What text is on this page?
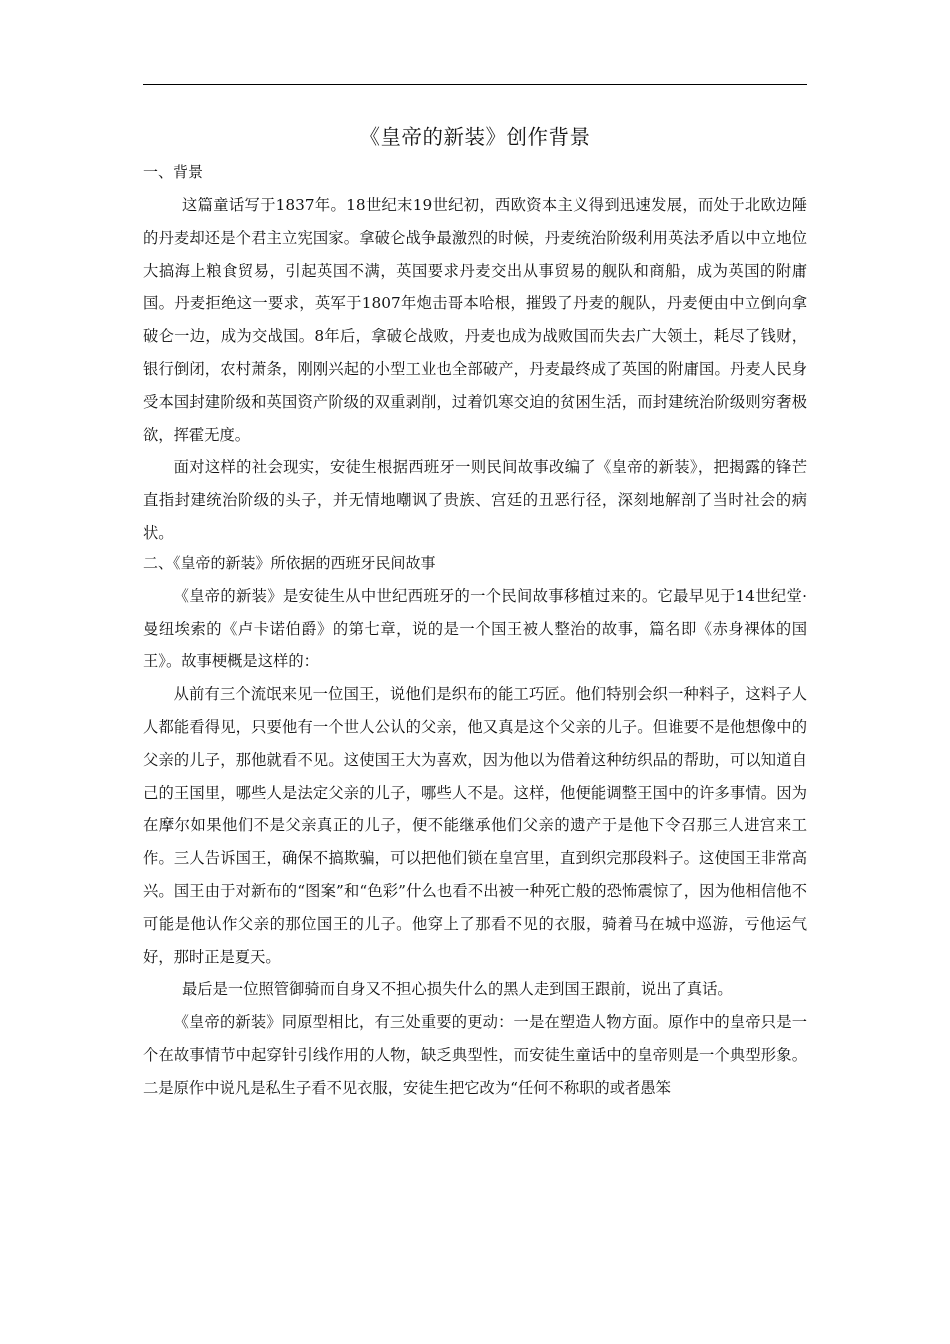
《皇帝的新装》创作背景
一、背景

这篇童话写于1837年。18世纪末19世纪初，西欧资本主义得到迅速发展，而处于北欧边陲的丹麦却还是个君主立宪国家。拿破仑战争最激烈的时候，丹麦统治阶级利用英法矛盾以中立地位大搞海上粮食贸易，引起英国不满，英国要求丹麦交出从事贸易的舰队和商船，成为英国的附庸国。丹麦拒绝这一要求，英军于1807年炮击哥本哈根，摧毁了丹麦的舰队，丹麦便由中立倒向拿破仑一边，成为交战国。8年后，拿破仑战败，丹麦也成为战败国而失去广大领土，耗尽了钱财，银行倒闭，农村萧条，刚刚兴起的小型工业也全部破产，丹麦最终成了英国的附庸国。丹麦人民身受本国封建阶级和英国资产阶级的双重剥削，过着饥寒交迫的贫困生活，而封建统治阶级则穷奢极欲，挥霍无度。

面对这样的社会现实，安徒生根据西班牙一则民间故事改编了《皇帝的新装》，把揭露的锋芒直指封建统治阶级的头子，并无情地嘲讽了贵族、宫廷的丑恶行径，深刻地解剖了当时社会的病状。

二、《皇帝的新装》所依据的西班牙民间故事

《皇帝的新装》是安徒生从中世纪西班牙的一个民间故事移植过来的。它最早见于14世纪堂·曼纽埃索的《卢卡诺伯爵》的第七章，说的是一个国王被人整治的故事，篇名即《赤身裸体的国王》。故事梗概是这样的：

从前有三个流氓来见一位国王，说他们是织布的能工巧匠。他们特别会织一种料子，这料子人人都能看得见，只要他有一个世人公认的父亲，他又真是这个父亲的儿子。但谁要不是他想像中的父亲的儿子，那他就看不见。这使国王大为喜欢，因为他以为借着这种纺织品的帮助，可以知道自己的王国里，哪些人是法定父亲的儿子，哪些人不是。这样，他便能调整王国中的许多事情。因为在摩尔如果他们不是父亲真正的儿子，便不能继承他们父亲的遗产于是他下令召那三人进宫来工作。三人告诉国王，确保不搞欺骗，可以把他们锁在皇宫里，直到织完那段料子。这使国王非常高兴。国王由于对新布的“图案”和“色彩”什么也看不出被一种死亡般的恐怖震惊了，因为他相信他不可能是他认作父亲的那位国王的儿子。他穿上了那看不见的衣服，骑着马在城中巡游，亏他运气好，那时正是夏天。

最后是一位照管御骑而自身又不担心损失什么的黑人走到国王跟前，说出了真话。

《皇帝的新装》同原型相比，有三处重要的更动：一是在塑造人物方面。原作中的皇帝只是一个在故事情节中起穿针引线作用的人物，缺乏典型性，而安徒生童话中的皇帝则是一个典型形象。二是原作中说凡是私生子看不见衣服，安徒生把它改为“任何不称职的或者愚笨
